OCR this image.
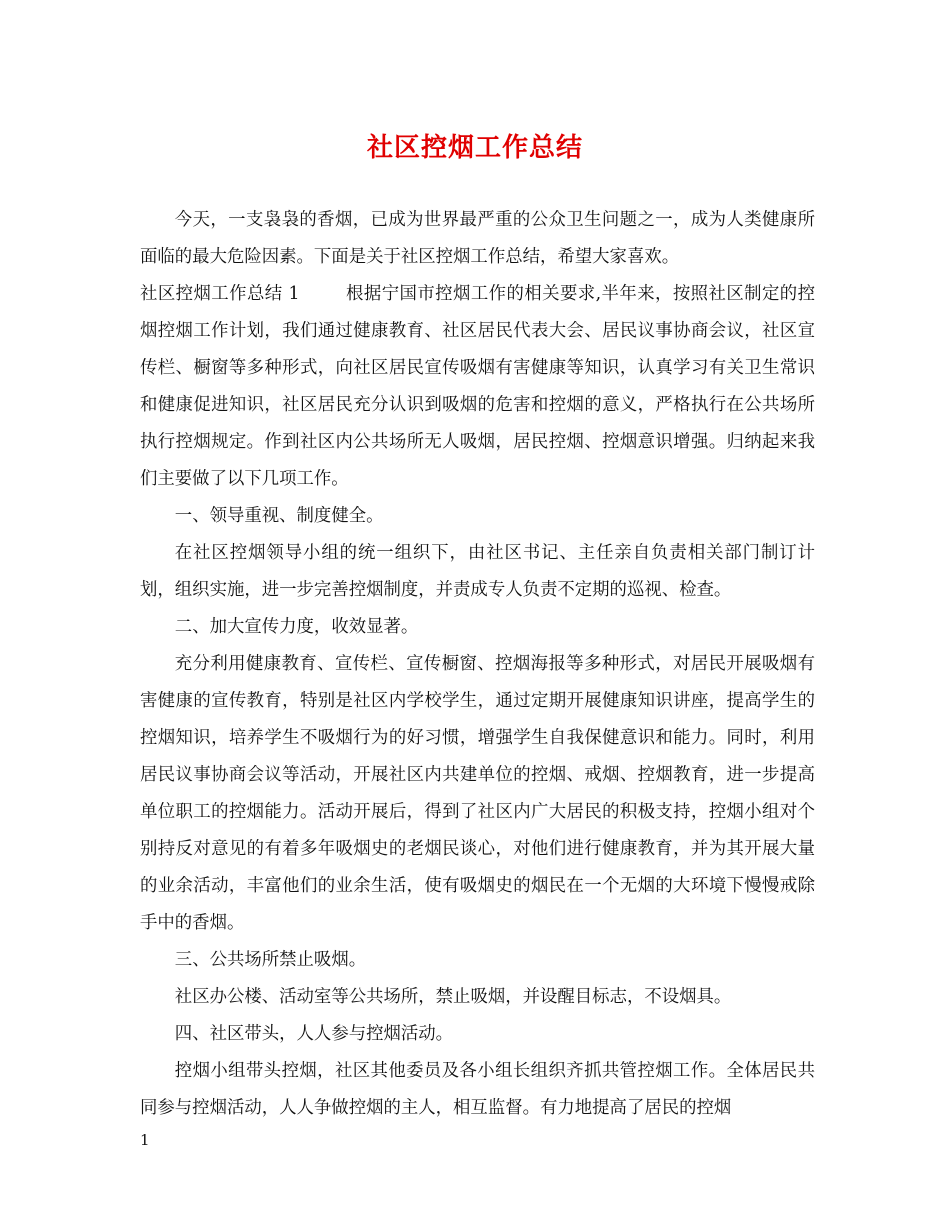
社区控烟工作总结

今天，一支袅袅的香烟，已成为世界最严重的公众卫生问题之一，成为人类健康所面临的最大危险因素。下面是关于社区控烟工作总结，希望大家喜欢。

社区控烟工作总结 1	根据宁国市控烟工作的相关要求,半年来，按照社区制定的控烟控烟工作计划，我们通过健康教育、社区居民代表大会、居民议事协商会议，社区宣传栏、橱窗等多种形式，向社区居民宣传吸烟有害健康等知识，认真学习有关卫生常识和健康促进知识，社区居民充分认识到吸烟的危害和控烟的意义，严格执行在公共场所执行控烟规定。作到社区内公共场所无人吸烟，居民控烟、控烟意识增强。归纳起来我们主要做了以下几项工作。

一、领导重视、制度健全。

在社区控烟领导小组的统一组织下，由社区书记、主任亲自负责相关部门制订计划，组织实施，进一步完善控烟制度，并责成专人负责不定期的巡视、检查。

二、加大宣传力度，收效显著。

充分利用健康教育、宣传栏、宣传橱窗、控烟海报等多种形式，对居民开展吸烟有害健康的宣传教育，特别是社区内学校学生，通过定期开展健康知识讲座，提高学生的控烟知识，培养学生不吸烟行为的好习惯，增强学生自我保健意识和能力。同时，利用居民议事协商会议等活动，开展社区内共建单位的控烟、戒烟、控烟教育，进一步提高单位职工的控烟能力。活动开展后，得到了社区内广大居民的积极支持，控烟小组对个别持反对意见的有着多年吸烟史的老烟民谈心，对他们进行健康教育，并为其开展大量的业余活动，丰富他们的业余生活，使有吸烟史的烟民在一个无烟的大环境下慢慢戒除手中的香烟。

三、公共场所禁止吸烟。

社区办公楼、活动室等公共场所，禁止吸烟，并设醒目标志，不设烟具。

四、社区带头，人人参与控烟活动。

控烟小组带头控烟，社区其他委员及各小组长组织齐抓共管控烟工作。全体居民共同参与控烟活动，人人争做控烟的主人，相互监督。有力地提高了居民的控烟

1
